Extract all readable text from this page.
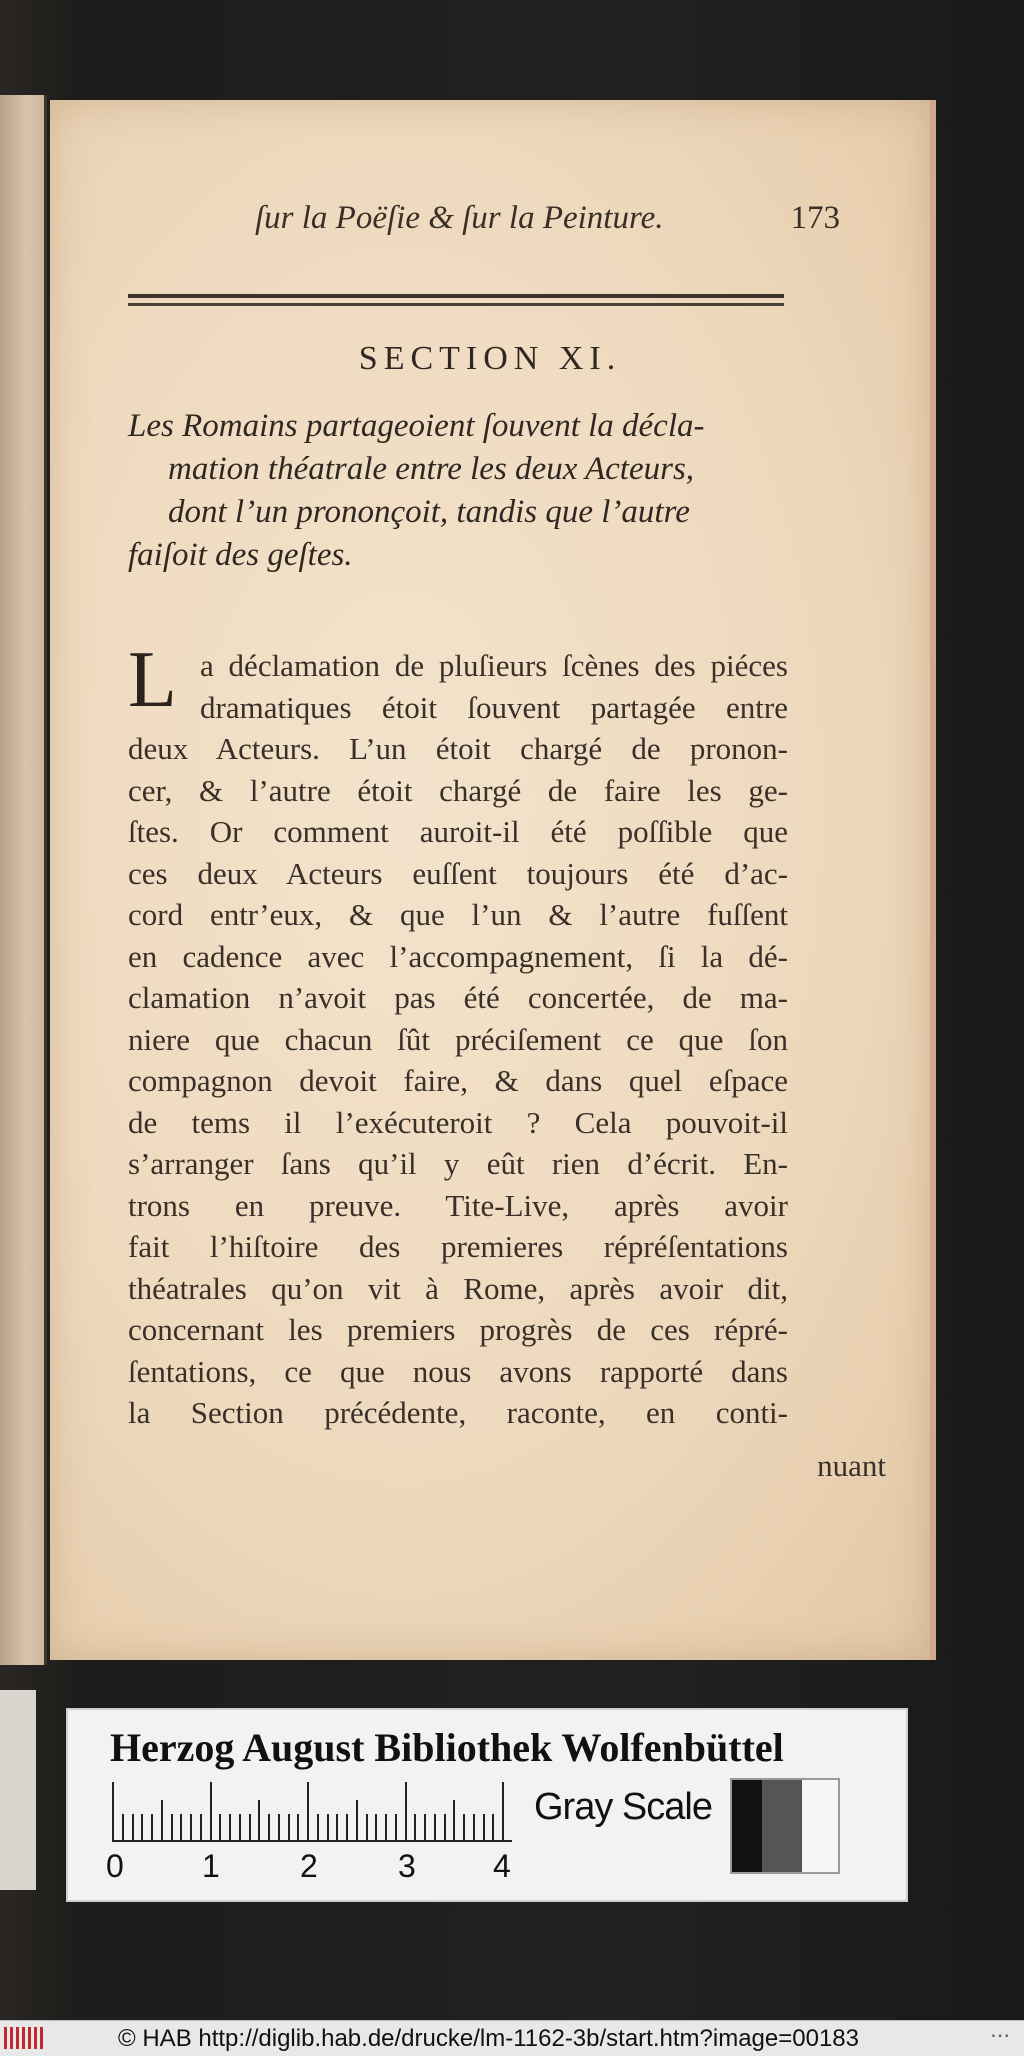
ſur la Poëſie & ſur la Peinture.	173
SECTION XI.
Les Romains partageoient ſouvent la décla-
mation théatrale entre les deux Acteurs,
dont l’un prononçoit, tandis que l’autre
faiſoit des geſtes.
L a déclamation de pluſieurs ſcènes des piéces
dramatiques étoit ſouvent partagée entre
deux Acteurs. L’un étoit chargé de pronon-
cer, & l’autre étoit chargé de faire les ge-
ſtes. Or comment auroit-il été poſſible que
ces deux Acteurs euſſent toujours été d’ac-
cord entr’eux, & que l’un & l’autre fuſſent
en cadence avec l’accompagnement, ſi la dé-
clamation n’avoit pas été concertée, de ma-
niere que chacun ſût préciſement ce que ſon
compagnon devoit faire, & dans quel eſpace
de tems il l’exécuteroit ? Cela pouvoit-il
s’arranger ſans qu’il y eût rien d’écrit. En-
trons en preuve. Tite-Live, après avoir
fait l’hiſtoire des premieres répréſentations
théatrales qu’on vit à Rome, après avoir dit,
concernant les premiers progrès de ces répré-
ſentations, ce que nous avons rapporté dans
la Section précédente, raconte, en conti-
nuant
Herzog August Bibliothek Wolfenbüttel
0 1	2	3 4
Gray Scale
© HAB http://diglib.hab.de/drucke/lm-1162-3b/start.htm?image=00183	⋯
